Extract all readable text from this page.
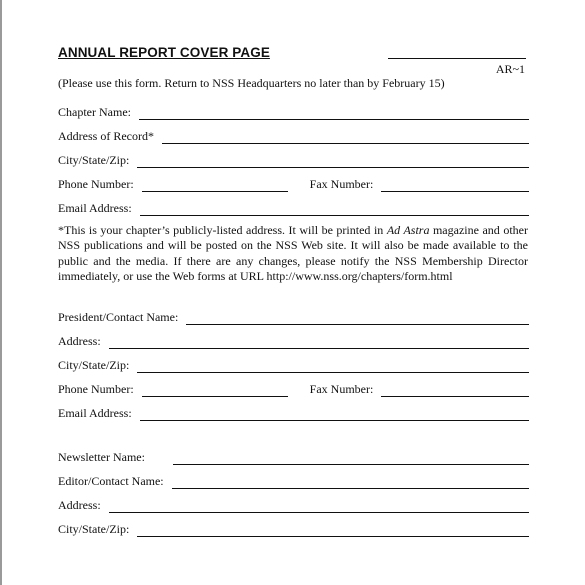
ANNUAL REPORT COVER PAGE
AR~1
(Please use this form. Return to NSS Headquarters no later than by February 15)
Chapter Name:
Address of Record*
City/State/Zip:
Phone Number:	Fax Number:
Email Address:
*This is your chapter’s publicly-listed address. It will be printed in Ad Astra magazine and other NSS publications and will be posted on the NSS Web site. It will also be made available to the public and the media. If there are any changes, please notify the NSS Membership Director immediately, or use the Web forms at URL http://www.nss.org/chapters/form.html
President/Contact Name:
Address:
City/State/Zip:
Phone Number:	Fax Number:
Email Address:
Newsletter Name:
Editor/Contact Name:
Address:
City/State/Zip:
